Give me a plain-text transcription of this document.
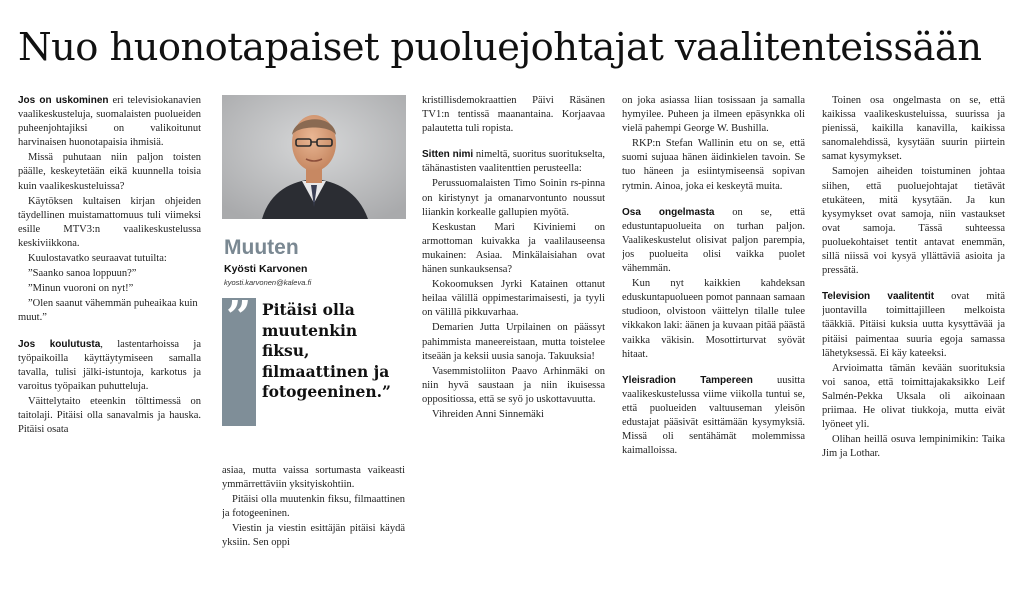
Nuo huonotapaiset puoluejohtajat vaalitenteissään

Jos on uskominen eri televisiokanavien vaalikeskusteluja, suomalaisten puolueiden puheenjohtajiksi on valikoitunut harvinaisen huonotapaisia ihmisiä.

Missä puhutaan niin paljon toisten päälle, keskeytetään eikä kuunnella toisia kuin vaalikeskusteluissa?

Käytöksen kultaisen kirjan ohjeiden täydellinen muistamattomuus tuli viimeksi esille MTV3:n vaalikeskustelussa keskiviikkona.

Kuulostavatko seuraavat tutuilta:

”Saanko sanoa loppuun?”

”Minun vuoroni on nyt!”

”Olen saanut vähemmän puheaikaa kuin muut.”

Jos koulutusta, lastentarhoissa ja työpaikoilla käyttäytymiseen samalla tavalla, tulisi jälki-istuntoja, karkotus ja varoitus työpaikan puhutteluja.

Väittelytaito eteenkin tölttimessä on taitolaji. Pitäisi olla sanavalmis ja hauska. Pitäisi osata

Muuten
Kyösti Karvonen
kyosti.karvonen@kaleva.fi
” Pitäisi olla muutenkin fiksu, filmaattinen ja fotogeeninen.”

asiaa, mutta vaissa sortumasta vaikeasti ymmärrettäviin yksityiskohtiin.

Pitäisi olla muutenkin fiksu, filmaattinen ja fotogeeninen.

Viestin ja viestin esittäjän pitäisi käydä yksiin. Sen oppi

kristillisdemokraattien Päivi Räsänen TV1:n tentissä maanantaina. Korjaavaa palautetta tuli ropista.

Sitten nimi nimeltä, suoritus suoritukselta, tähänastisten vaalitenttien perusteella:

Perussuomalaisten Timo Soinin rs-pinna on kiristynyt ja omanarvontunto noussut liiankin korkealle gallupien myötä.

Keskustan Mari Kiviniemi on armottoman kuivakka ja vaalilauseensa mukainen: Asiaa. Minkälaisiahan ovat hänen sunkauksensa?

Kokoomuksen Jyrki Katainen ottanut heilaa välillä oppimestarimaisesti, ja tyyli on välillä pikkuvarhaa.

Demarien Jutta Urpilainen on päässyt pahimmista maneereistaan, mutta toistelee itseään ja keksii uusia sanoja. Takuuksia!

Vasemmistoliiton Paavo Arhinmäki on niin hyvä saustaan ja niin ikuisessa oppositiossa, että se syö jo uskottavuutta.

Vihreiden Anni Sinnemäki

on joka asiassa liian tosissaan ja samalla hymyilee. Puheen ja ilmeen epäsynkka oli vielä pahempi George W. Bushilla.

RKP:n Stefan Wallinin etu on se, että suomi sujuaa hänen äidinkielen tavoin. Se tuo häneen ja esiintymiseensä sopivan rytmin. Ainoa, joka ei keskeytä muita.

Osa ongelmasta on se, että edustuntapuolueita on turhan paljon. Vaalikeskustelut olisivat paljon parempia, jos puolueita olisi vaikka puolet vähemmän.

Kun nyt kaikkien kahdeksan eduskuntapuolueen pomot pannaan samaan studioon, olvistoon väittelyn tilalle tulee vikkakon laki: äänen ja kuvaan pitää päästä vaikka väkisin. Mosottirturvat syövät hitaat.

Yleisradion Tampereen uusitta vaalikeskustelussa viime viikolla tuntui se, että puolueiden valtuuseman yleisön edustajat pääsivät esittämään kysymyksiä. Missä oli sentähämät molemmissa kaimalloissa.

Toinen osa ongelmasta on se, että kaikissa vaalikeskusteluissa, suurissa ja pienissä, kaikilla kanavilla, kaikissa sanomalehdissä, kysytään suurin piirtein samat kysymykset.

Samojen aiheiden toistuminen johtaa siihen, että puoluejohtajat tietävät etukäteen, mitä kysytään. Ja kun kysymykset ovat samoja, niin vastaukset ovat samoja. Tässä suhteessa puoluekohtaiset tentit antavat enemmän, sillä niissä voi kysyä yllättäviä asioita ja pressätä.

Television vaalitentit ovat mitä juontavilla toimittajilleen melkoista tääkkiä. Pitäisi kuksia uutta kysyttävää ja pitäisi paimentaa suuria egoja samassa lähetyksessä. Ei käy kateeksi.

Arvioimatta tämän kevään suorituksia voi sanoa, että toimittajakaksikko Leif Salmén-Pekka Uksala oli aikoinaan priimaa. He olivat tiukkoja, mutta eivät lyöneet yli.

Olihan heillä osuva lempinimikin: Taika Jim ja Lothar.
